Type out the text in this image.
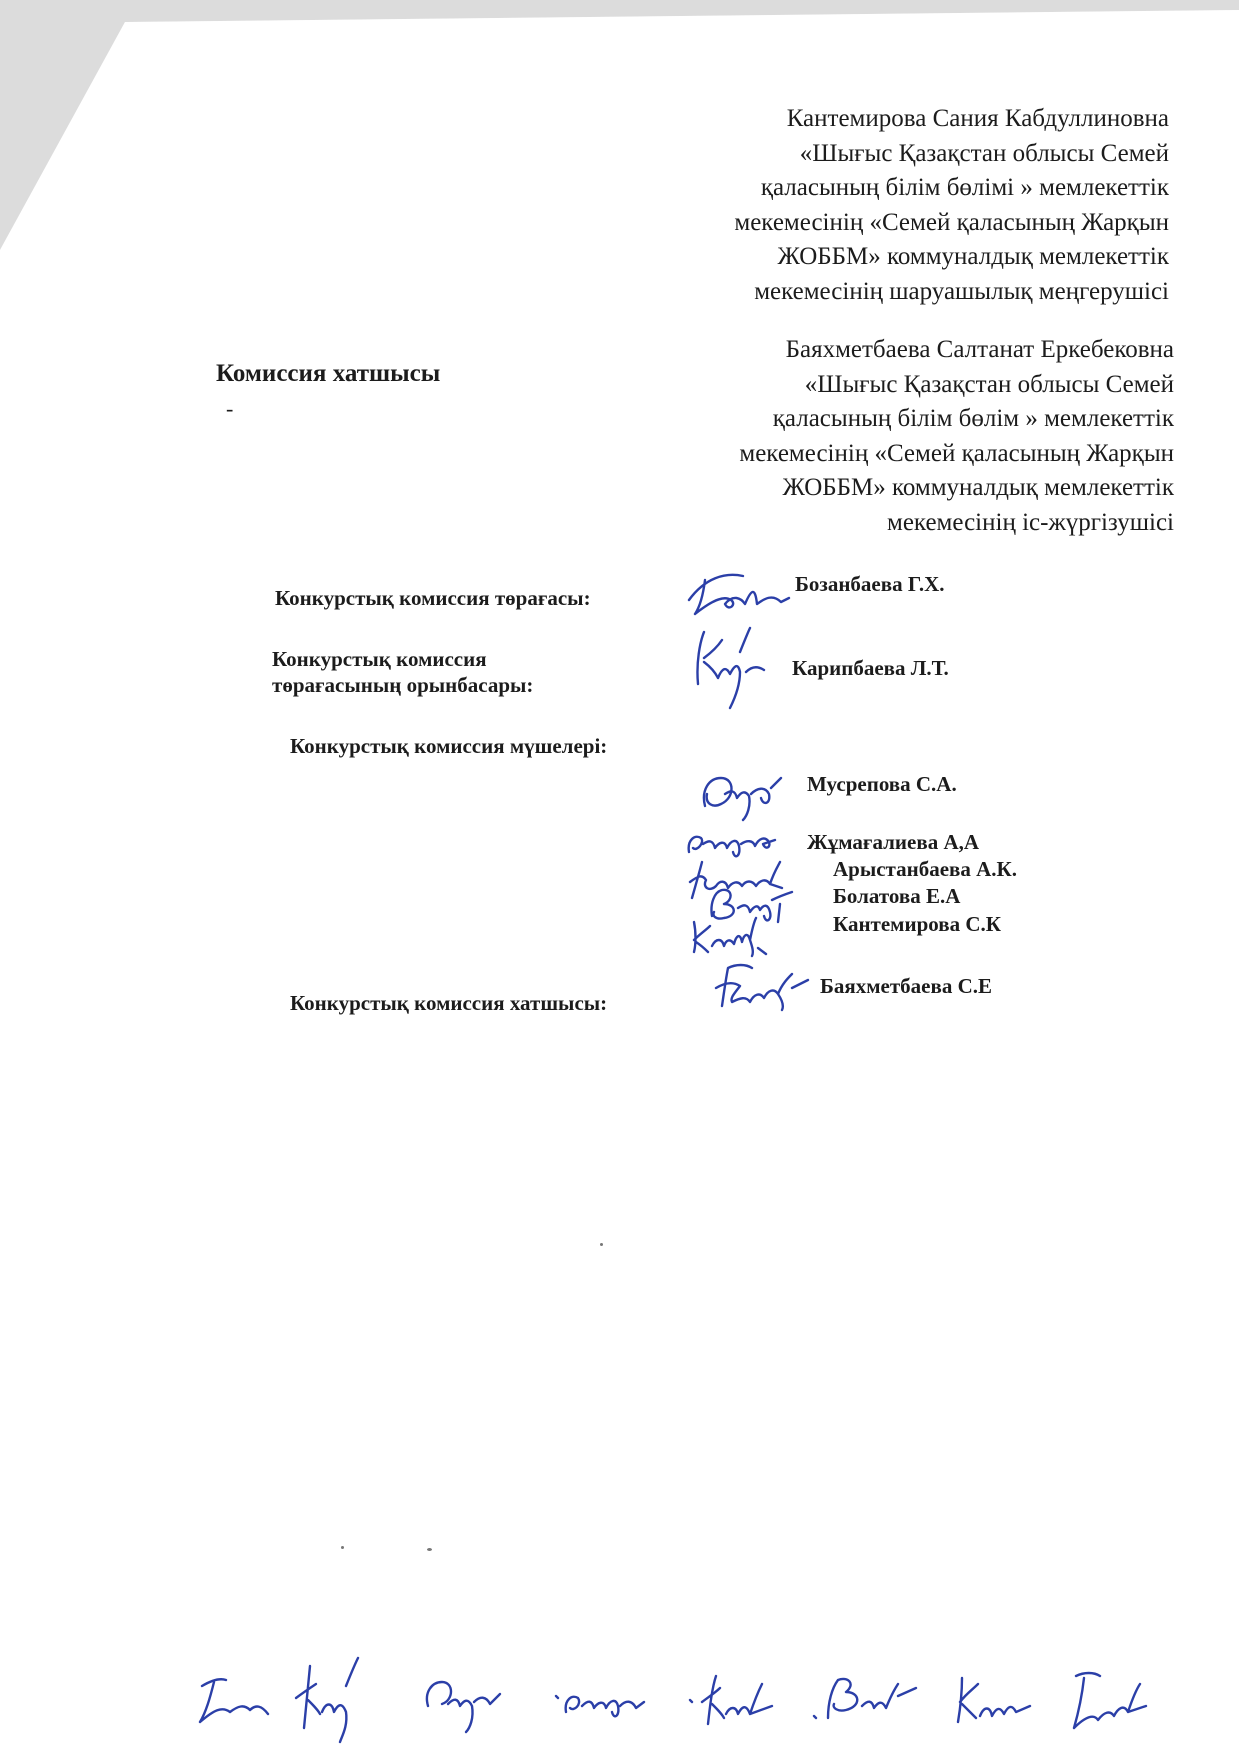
Кантемирова Сания Кабдуллиновна
«Шығыс Қазақстан облысы Семей
қаласының білім бөлімі » мемлекеттік
мекемесінің «Семей қаласының Жарқын
ЖОББМ» коммуналдық мемлекеттік
мекемесінің шаруашылық меңгерушісі
Комиссия хатшысы
-
Баяхметбаева Салтанат Еркебековна
«Шығыс Қазақстан облысы Семей
қаласының білім бөлім » мемлекеттік
мекемесінің «Семей қаласының Жарқын
ЖОББМ» коммуналдық мемлекеттік
мекемесінің іс-жүргізушісі
Конкурстық комиссия төрағасы:
Бозанбаева Г.Х.
Конкурстық комиссия
төрағасының орынбасары:
Карипбаева Л.Т.
Конкурстық комиссия мүшелері:
Мусрепова С.А.
Жұмағалиева А,А
Арыстанбаева А.К.
Болатова Е.А
Кантемирова С.К
Конкурстық комиссия хатшысы:
Баяхметбаева С.Е
